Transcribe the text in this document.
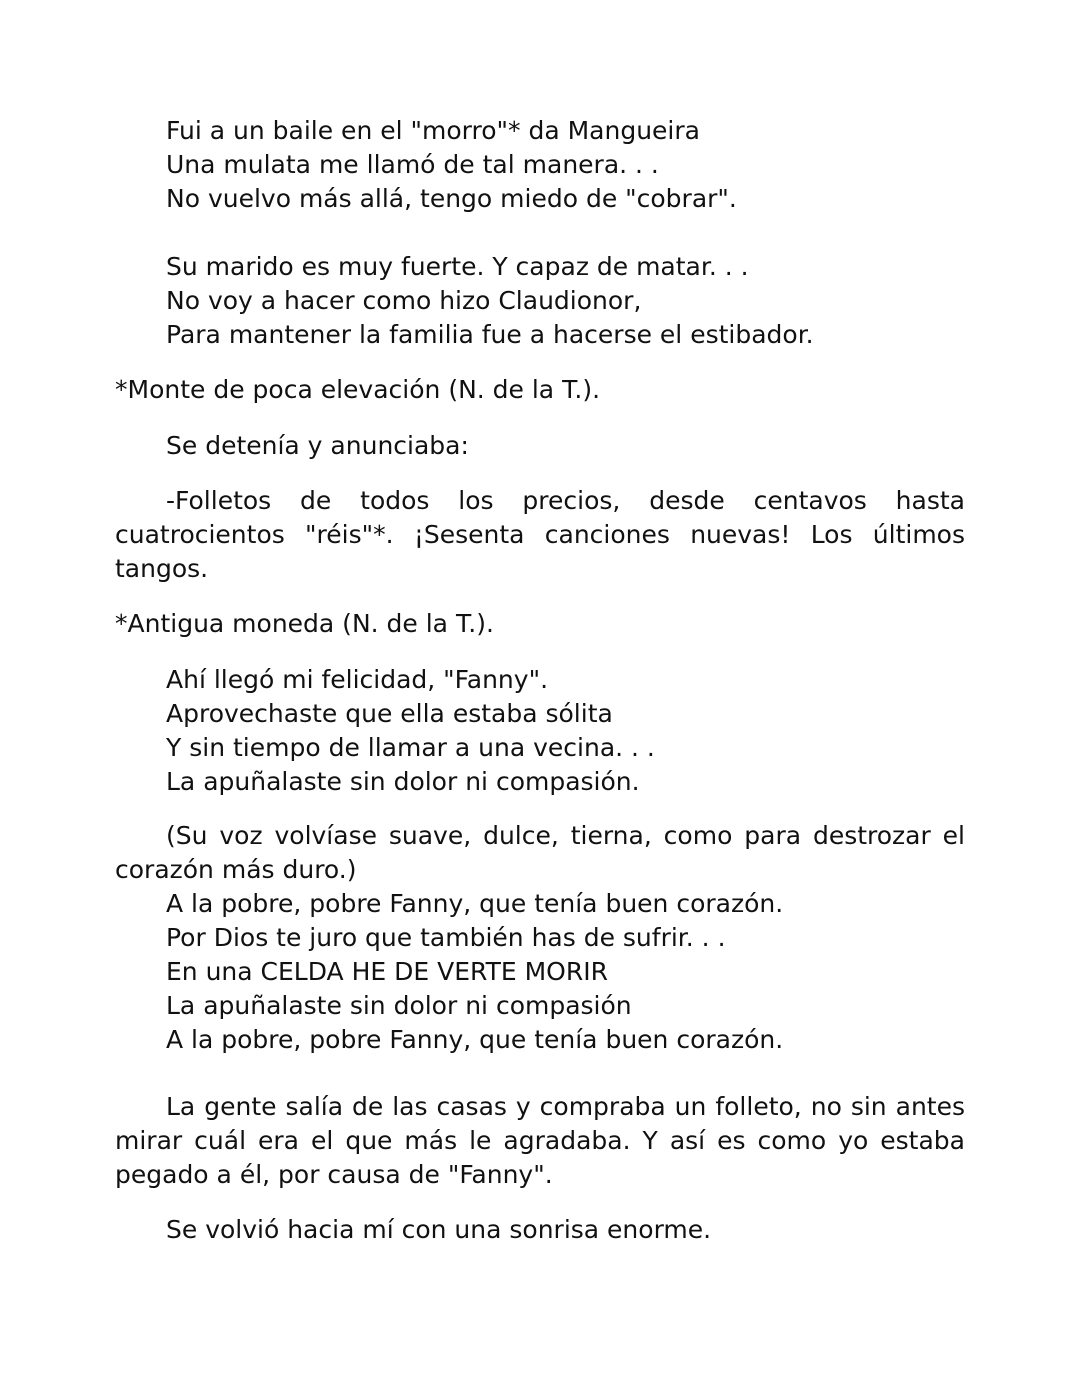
Fui a un baile en el "morro"* da Mangueira
Una mulata me llamó de tal manera. . .
No vuelvo más allá, tengo miedo de "cobrar".
Su marido es muy fuerte. Y capaz de matar. . .
No voy a hacer como hizo Claudionor,
Para mantener la familia fue a hacerse el estibador.

*Monte de poca elevación (N. de la T.).

Se detenía y anunciaba:

-Folletos de todos los precios, desde centavos hasta cuatrocientos "réis"*. ¡Sesenta canciones nuevas! Los últimos tangos.

*Antigua moneda (N. de la T.).

Ahí llegó mi felicidad, "Fanny".
Aprovechaste que ella estaba sólita
Y sin tiempo de llamar a una vecina. . .
La apuñalaste sin dolor ni compasión.

(Su voz volvíase suave, dulce, tierna, como para destrozar el corazón más duro.)

A la pobre, pobre Fanny, que tenía buen corazón.
Por Dios te juro que también has de sufrir. . .
En una CELDA HE DE VERTE MORIR
La apuñalaste sin dolor ni compasión
A la pobre, pobre Fanny, que tenía buen corazón.

La gente salía de las casas y compraba un folleto, no sin antes mirar cuál era el que más le agradaba. Y así es como yo estaba pegado a él, por causa de "Fanny".

Se volvió hacia mí con una sonrisa enorme.
